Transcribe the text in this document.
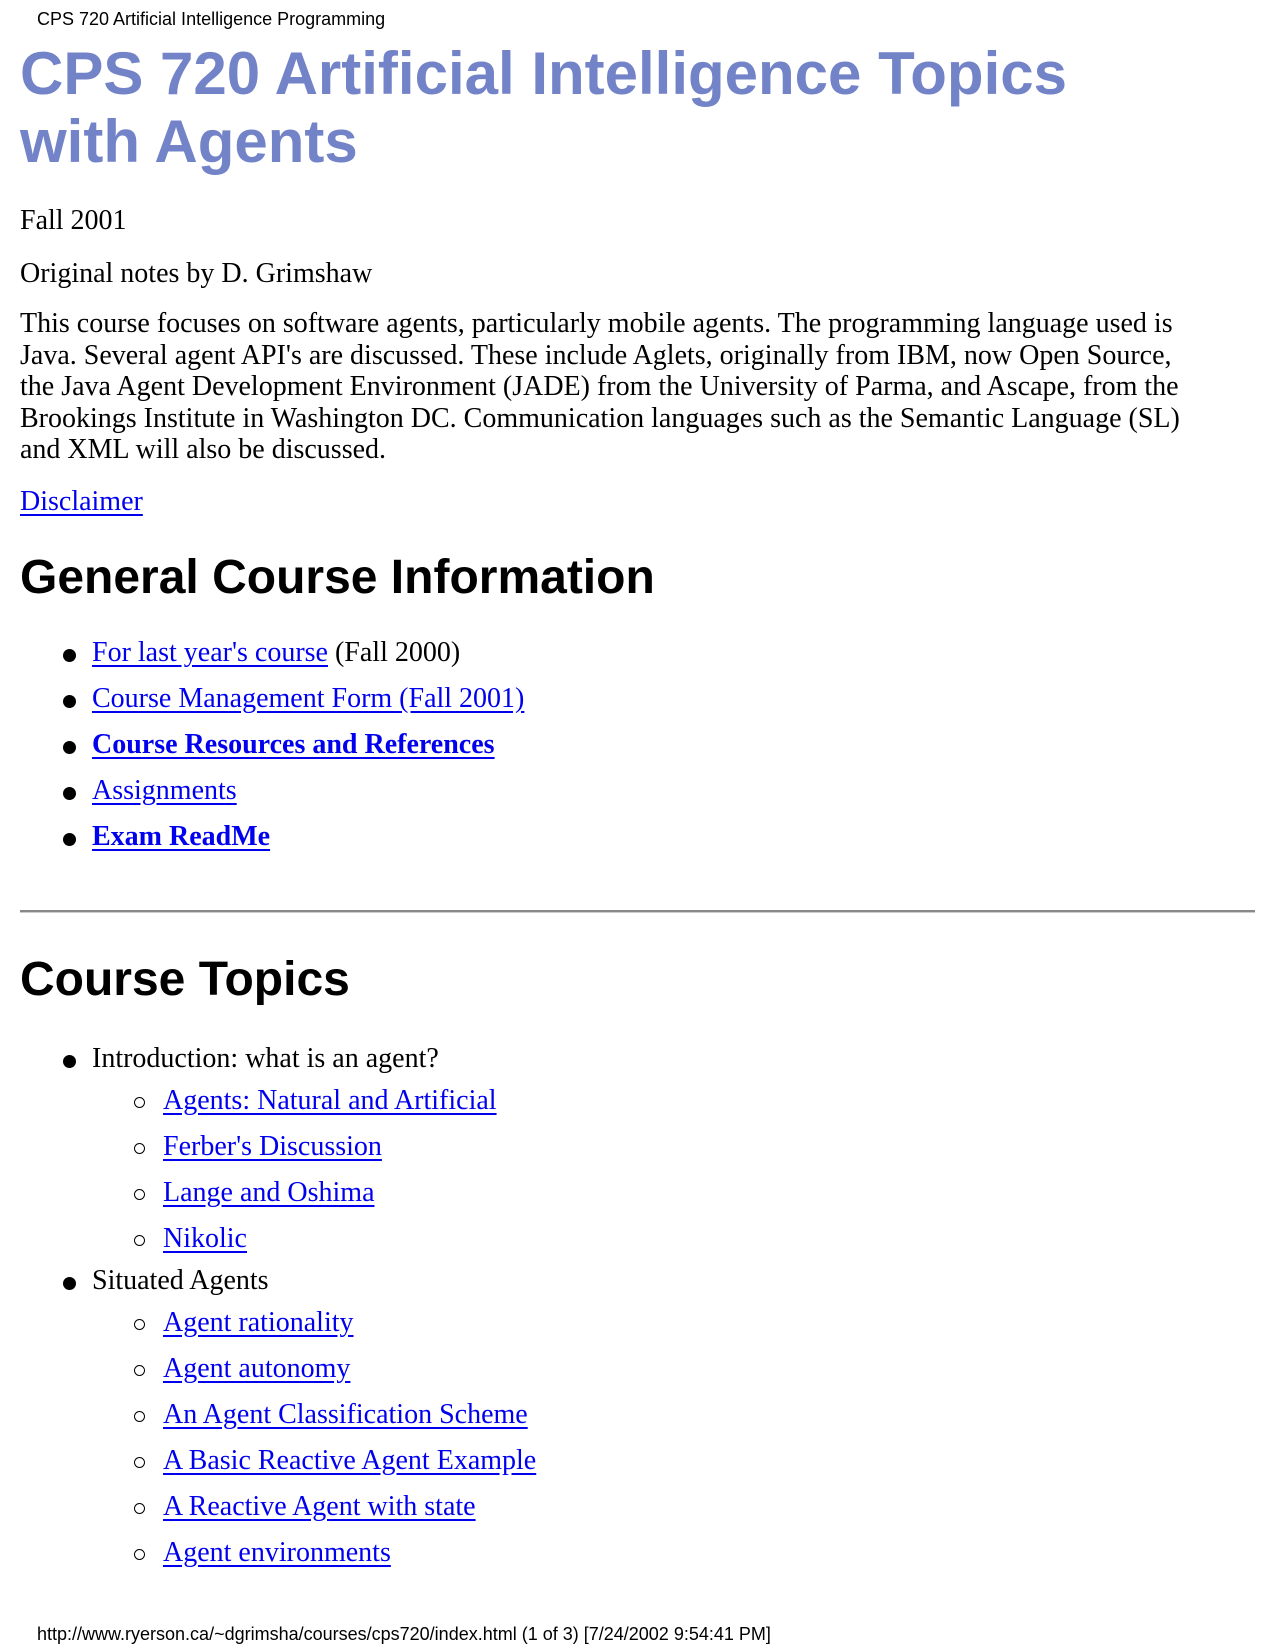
CPS 720 Artificial Intelligence Programming
CPS 720 Artificial Intelligence Topics
with Agents

Fall 2001

Original notes by D. Grimshaw

This course focuses on software agents, particularly mobile agents. The programming language used is
Java. Several agent API's are discussed. These include Aglets, originally from IBM, now Open Source,
the Java Agent Development Environment (JADE) from the University of Parma, and Ascape, from the
Brookings Institute in Washington DC. Communication languages such as the Semantic Language (SL)
and XML will also be discussed.

Disclaimer

General Course Information
For last year's course (Fall 2000)
Course Management Form (Fall 2001)
Course Resources and References
Assignments
Exam ReadMe
Course Topics
Introduction: what is an agent?
Agents: Natural and Artificial
Ferber's Discussion
Lange and Oshima
Nikolic
Situated Agents
Agent rationality
Agent autonomy
An Agent Classification Scheme
A Basic Reactive Agent Example
A Reactive Agent with state
Agent environments
http://www.ryerson.ca/~dgrimsha/courses/cps720/index.html (1 of 3) [7/24/2002 9:54:41 PM]
